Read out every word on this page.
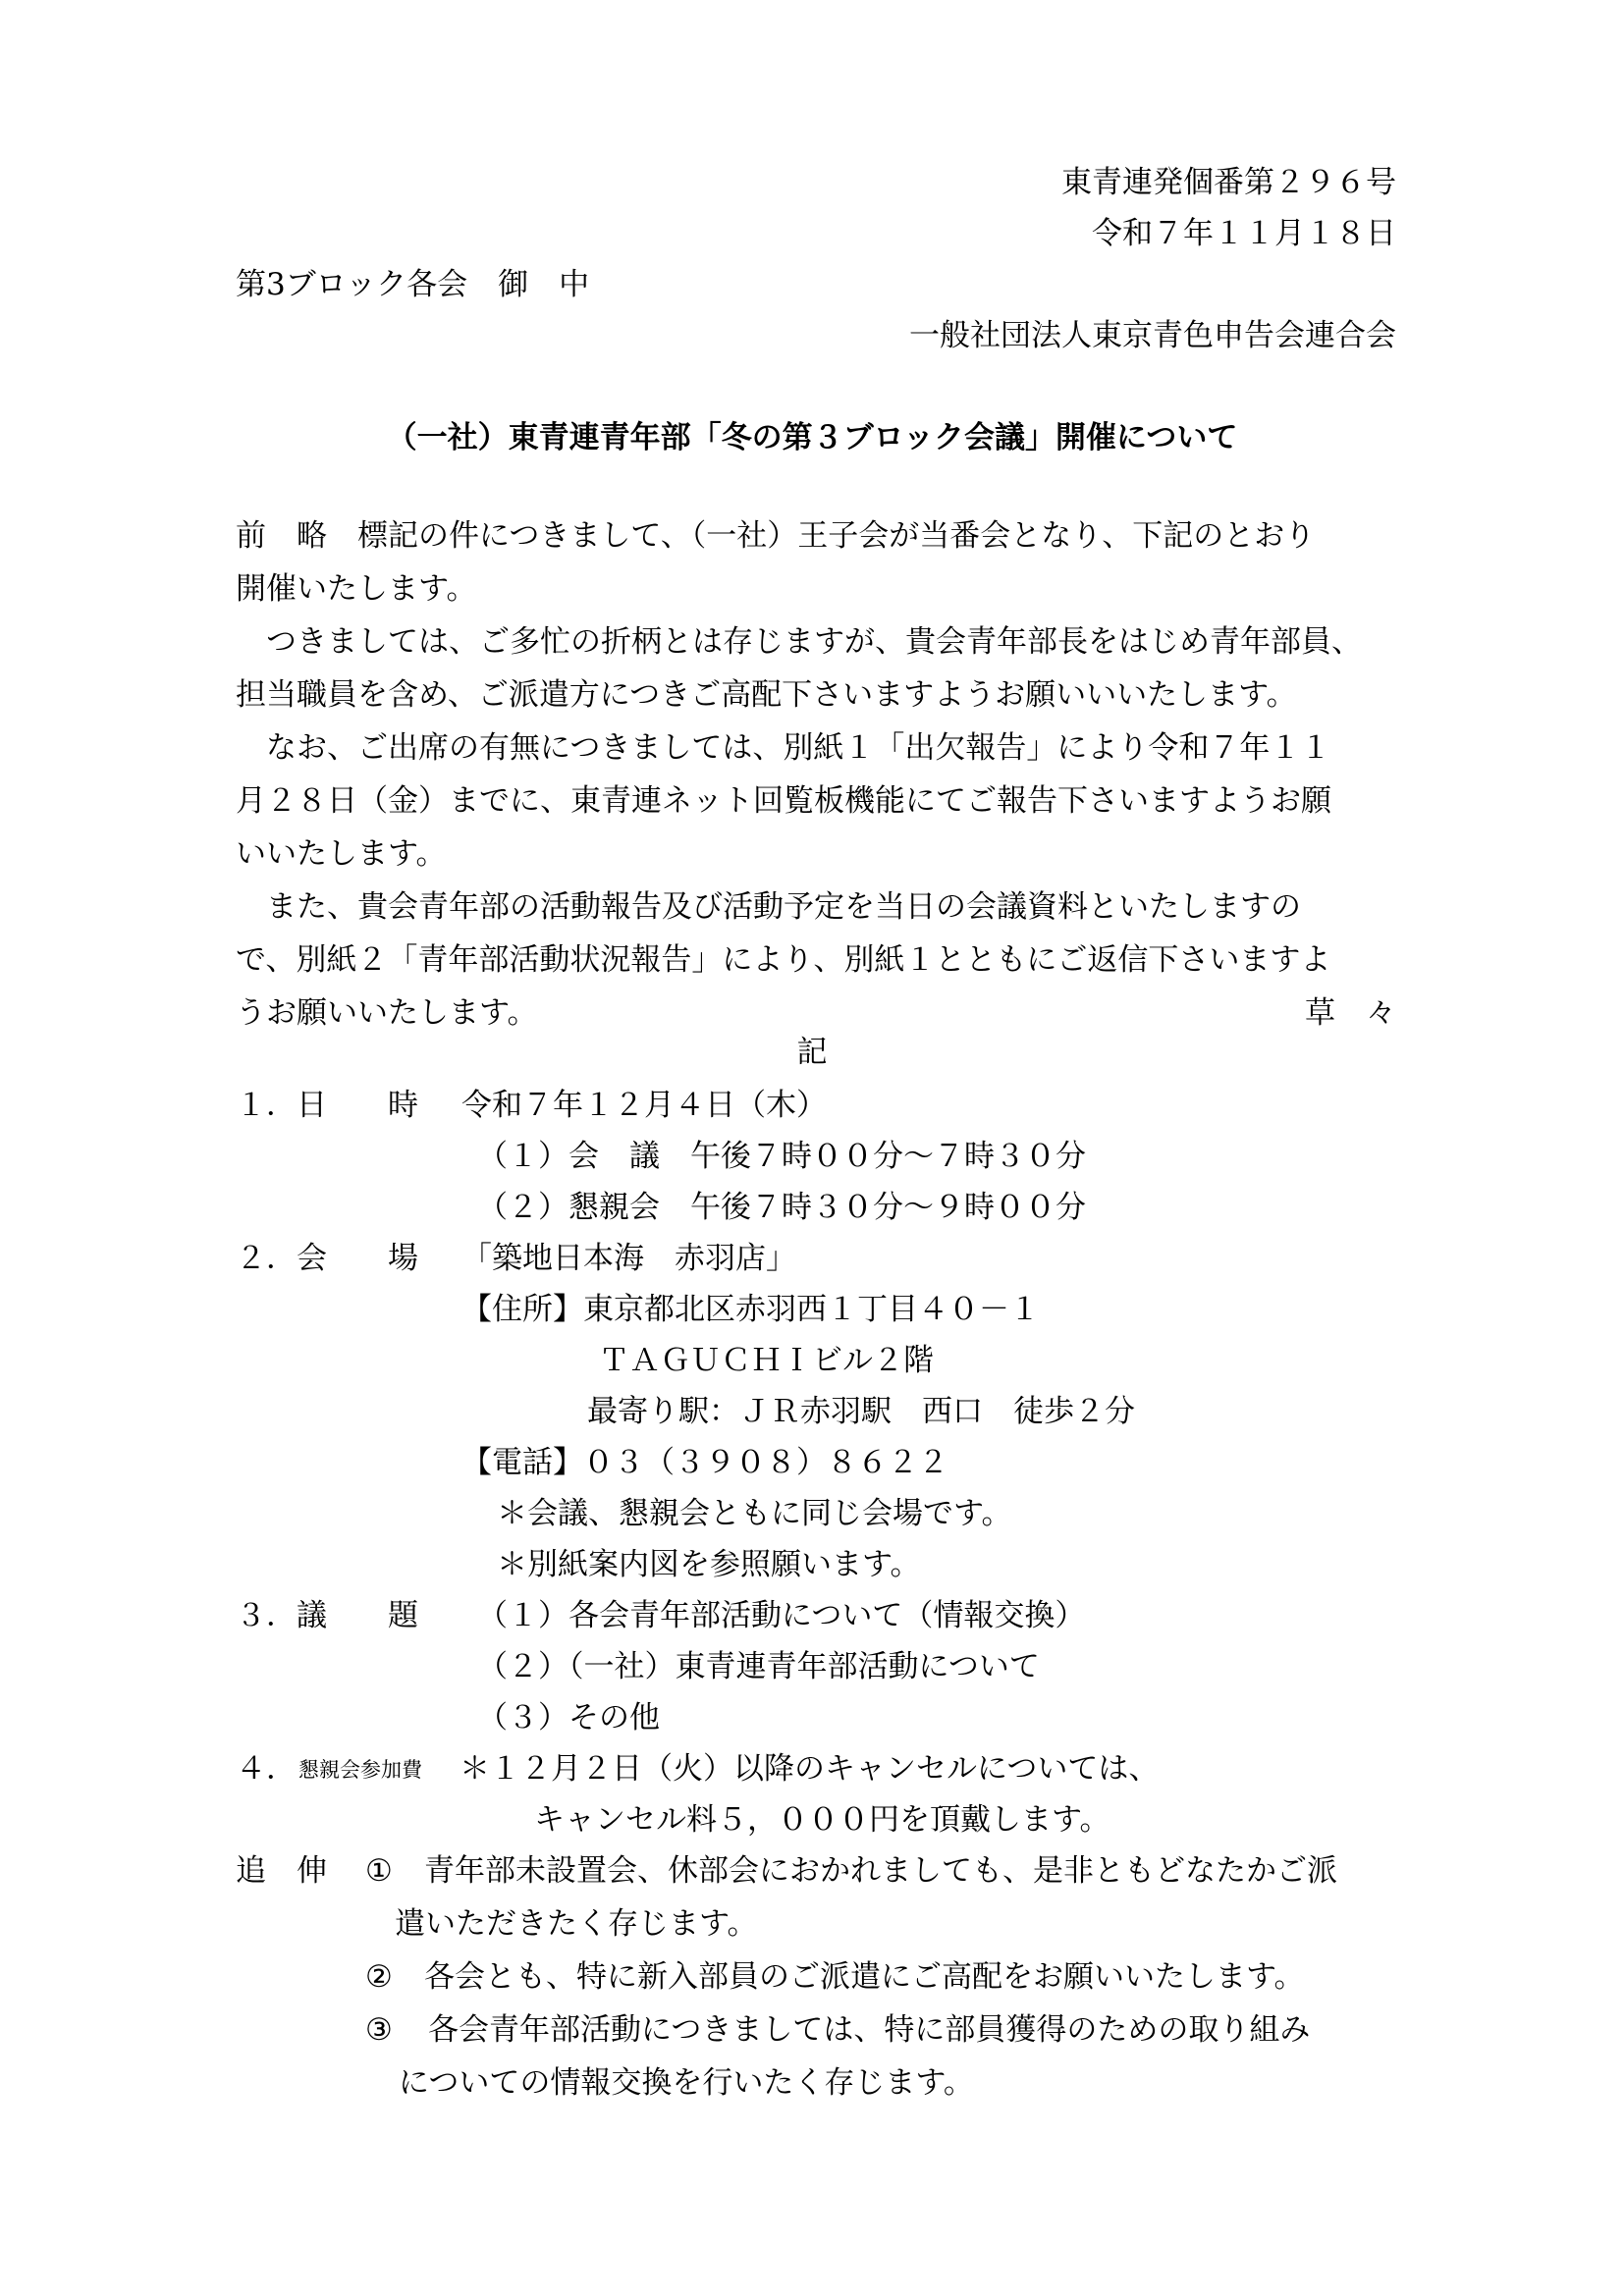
東青連発個番第２９６号
令和７年１１月１８日
第3ブロック各会　御　中
一般社団法人東京青色申告会連合会
（一社）東青連青年部「冬の第３ブロック会議」開催について
前　略　標記の件につきまして、（一社）王子会が当番会となり、下記のとおり
開催いたします。
　つきましては、ご多忙の折柄とは存じますが、貴会青年部長をはじめ青年部員、
担当職員を含め、ご派遣方につきご高配下さいますようお願いいいたします。
　なお、ご出席の有無につきましては、別紙１「出欠報告」により令和７年１１
月２８日（金）までに、東青連ネット回覧板機能にてご報告下さいますようお願
いいたします。
　また、貴会青年部の活動報告及び活動予定を当日の会議資料といたしますの
で、別紙２「青年部活動状況報告」により、別紙１とともにご返信下さいますよ
うお願いいたします。	草　々
記
１．日　　時 令和７年１２月４日（木）
（１）会　議　午後７時００分～７時３０分
（２）懇親会　午後７時３０分～９時００分
２．会　　場 「築地日本海　赤羽店」
【住所】 東京都北区赤羽西１丁目４０－１
ＴＡＧＵＣＨＩビル２階
最寄り駅：ＪＲ赤羽駅　西口　徒歩２分
【電話】 ０３（３９０８）８６２２
＊会議、懇親会ともに同じ会場です。
＊別紙案内図を参照願います。
３．議　　題 （１）各会青年部活動について（情報交換）
（２）（一社）東青連青年部活動について
（３）その他
４． 懇親会参加費 ＊１２月２日（火）以降のキャンセルについては、
キャンセル料５，０００円を頂戴します。
追　伸 ① 青年部未設置会、休部会におかれましても、是非ともどなたかご派
遣いただきたく存じます。
② 各会とも、特に新入部員のご派遣にご高配をお願いいたします。
③ 各会青年部活動につきましては、特に部員獲得のための取り組み
についての情報交換を行いたく存じます。
